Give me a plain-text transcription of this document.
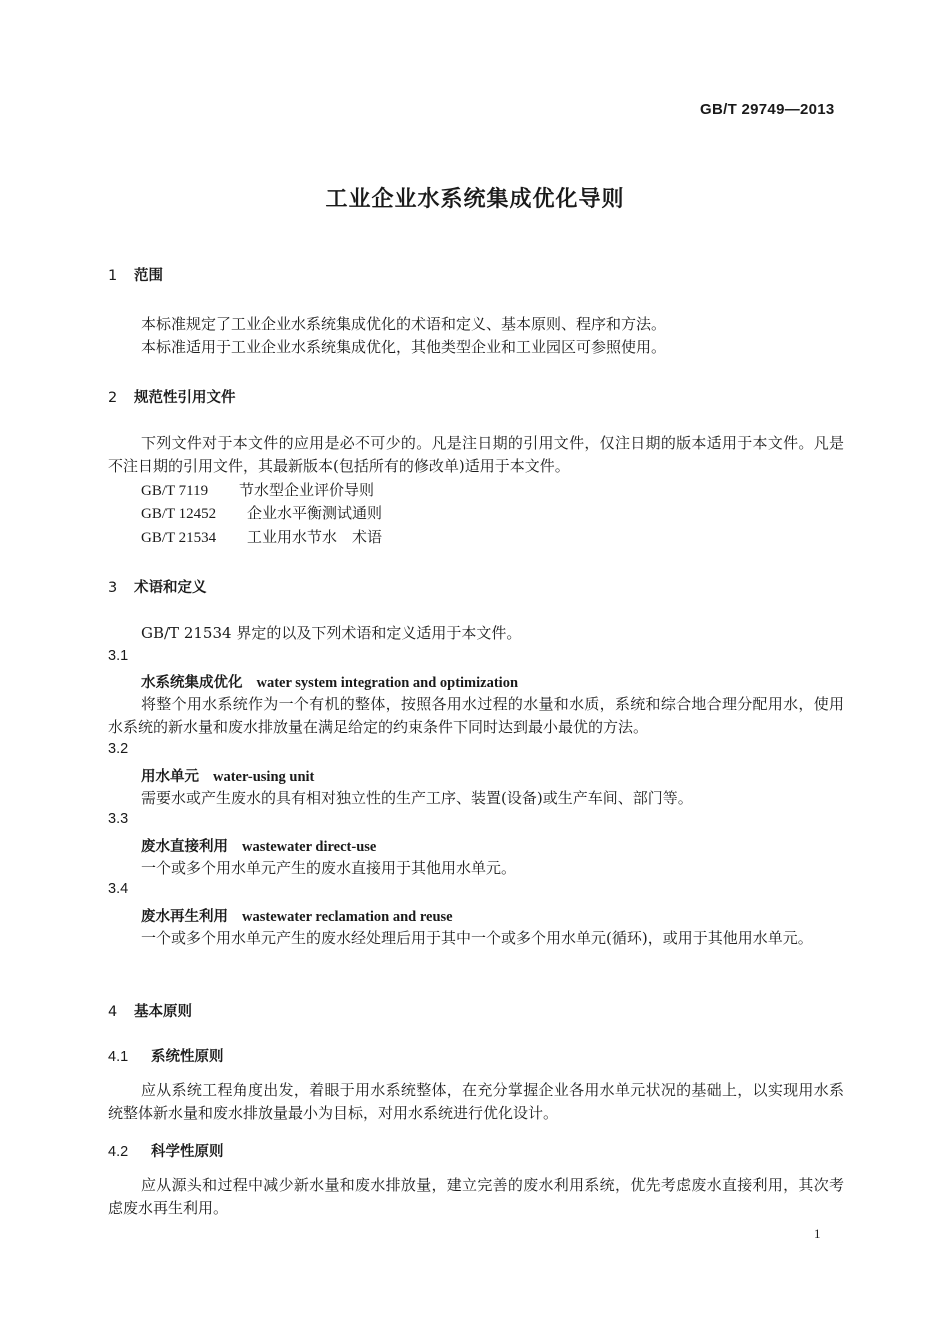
GB/T 29749—2013
工业企业水系统集成优化导则
1 范围
本标准规定了工业企业水系统集成优化的术语和定义、基本原则、程序和方法。
本标准适用于工业企业水系统集成优化，其他类型企业和工业园区可参照使用。
2 规范性引用文件
下列文件对于本文件的应用是必不可少的。凡是注日期的引用文件，仅注日期的版本适用于本文件。凡是不注日期的引用文件，其最新版本(包括所有的修改单)适用于本文件。
GB/T 7119 节水型企业评价导则
GB/T 12452 企业水平衡测试通则
GB/T 21534 工业用水节水　术语
3 术语和定义
GB/T 21534 界定的以及下列术语和定义适用于本文件。
3.1
水系统集成优化 water system integration and optimization
将整个用水系统作为一个有机的整体，按照各用水过程的水量和水质，系统和综合地合理分配用水，使用水系统的新水量和废水排放量在满足给定的约束条件下同时达到最小最优的方法。
3.2
用水单元 water-using unit
需要水或产生废水的具有相对独立性的生产工序、装置(设备)或生产车间、部门等。
3.3
废水直接利用 wastewater direct-use
一个或多个用水单元产生的废水直接用于其他用水单元。
3.4
废水再生利用 wastewater reclamation and reuse
一个或多个用水单元产生的废水经处理后用于其中一个或多个用水单元(循环)，或用于其他用水单元。
4 基本原则
4.1 系统性原则
应从系统工程角度出发，着眼于用水系统整体，在充分掌握企业各用水单元状况的基础上，以实现用水系统整体新水量和废水排放量最小为目标，对用水系统进行优化设计。
4.2 科学性原则
应从源头和过程中减少新水量和废水排放量，建立完善的废水利用系统，优先考虑废水直接利用，其次考虑废水再生利用。
1
